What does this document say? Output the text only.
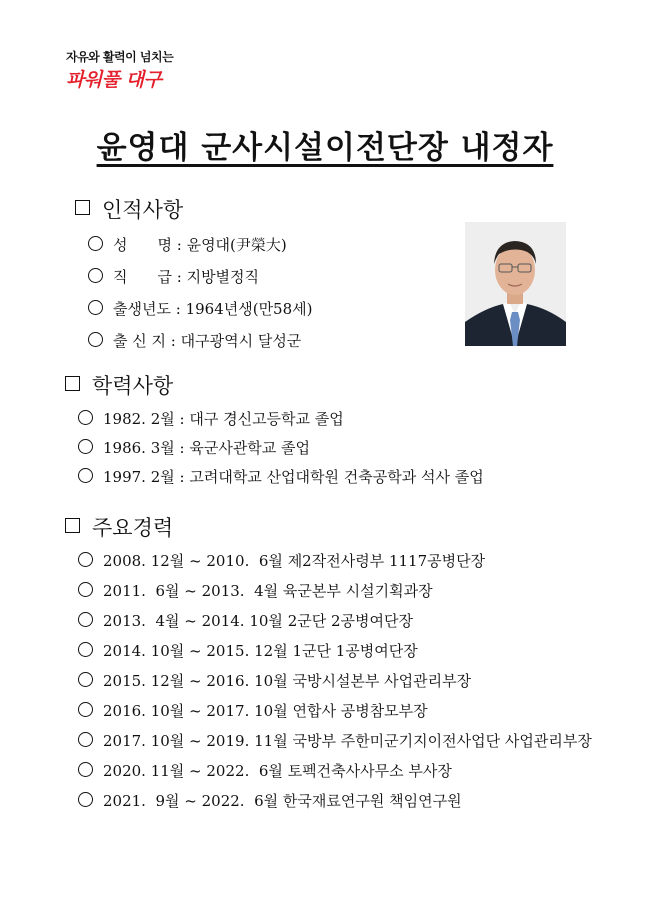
자유와 활력이 넘치는
파워풀 대구
윤영대 군사시설이전단장 내정자
인적사항
성　　명 : 윤영대(尹榮大)
직　　급 : 지방별정직
출생년도 : 1964년생(만58세)
출 신 지 : 대구광역시 달성군
학력사항
1982. 2월 : 대구 경신고등학교 졸업
1986. 3월 : 육군사관학교 졸업
1997. 2월 : 고려대학교 산업대학원 건축공학과 석사 졸업
주요경력
2008. 12월 ~ 2010.  6월 제2작전사령부 1117공병단장
2011.  6월 ~ 2013.  4월 육군본부 시설기획과장
2013.  4월 ~ 2014. 10월 2군단 2공병여단장
2014. 10월 ~ 2015. 12월 1군단 1공병여단장
2015. 12월 ~ 2016. 10월 국방시설본부 사업관리부장
2016. 10월 ~ 2017. 10월 연합사 공병참모부장
2017. 10월 ~ 2019. 11월 국방부 주한미군기지이전사업단 사업관리부장
2020. 11월 ~ 2022.  6월 토펙건축사사무소 부사장
2021.  9월 ~ 2022.  6월 한국재료연구원 책임연구원
